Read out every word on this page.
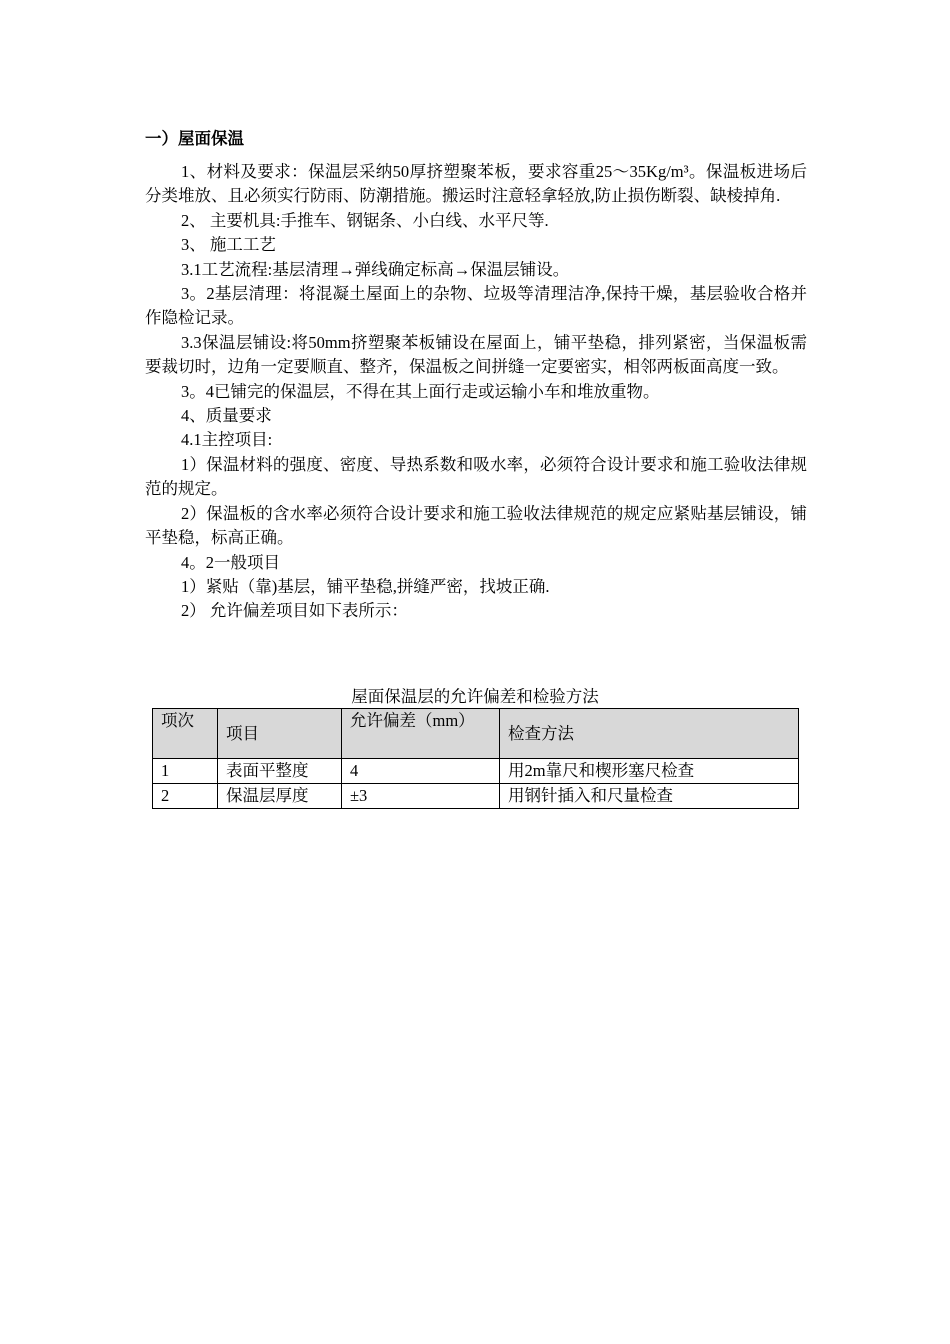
一）屋面保温

1、材料及要求：保温层采纳50厚挤塑聚苯板，要求容重25～35Kg/m³。保温板进场后分类堆放、且必须实行防雨、防潮措施。搬运时注意轻拿轻放,防止损伤断裂、缺棱掉角.

2、 主要机具:手推车、钢锯条、小白线、水平尺等.

3、 施工工艺

3.1工艺流程:基层清理→弹线确定标高→保温层铺设。

3。2基层清理：将混凝土屋面上的杂物、垃圾等清理洁净,保持干燥，基层验收合格并作隐检记录。

3.3保温层铺设:将50mm挤塑聚苯板铺设在屋面上，铺平垫稳，排列紧密，当保温板需要裁切时，边角一定要顺直、整齐，保温板之间拼缝一定要密实，相邻两板面高度一致。

3。4已铺完的保温层，不得在其上面行走或运输小车和堆放重物。

4、质量要求

4.1主控项目:

1）保温材料的强度、密度、导热系数和吸水率，必须符合设计要求和施工验收法律规范的规定。

2）保温板的含水率必须符合设计要求和施工验收法律规范的规定应紧贴基层铺设，铺平垫稳，标高正确。

4。2一般项目

1）紧贴（靠)基层，铺平垫稳,拼缝严密，找坡正确.

2） 允许偏差项目如下表所示：

屋面保温层的允许偏差和检验方法
项次	项目	允许偏差（mm）	检查方法
1	表面平整度	4	用2m靠尺和楔形塞尺检查
2	保温层厚度	±3	用钢针插入和尺量检查
